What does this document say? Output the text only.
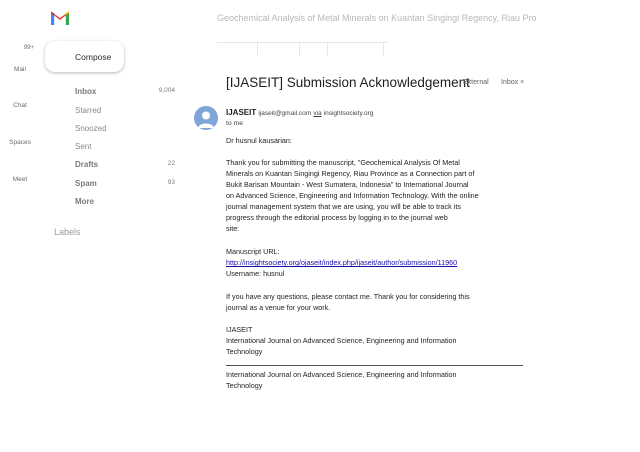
99+
Mail
Chat
Spaces
Meet
Compose
Inbox	9,004
Starred
Snoozed
Sent
Drafts	22
Spam	93
More
Labels
Geochemical Analysis of Metal Minerals on Kuantan Singingi Regency, Riau Pro
[IJASEIT] Submission Acknowledgement
External Inbox ×
IJASEIT ijaseit@gmail.com via insightsociety.org
to me
Dr husnul kausarian:
Thank you for submitting the manuscript, "Geochemical Analysis Of Metal
Minerals on Kuantan Singingi Regency, Riau Province as a Connection part of
Bukit Barisan Mountain - West Sumatera, Indonesia" to International Journal
on Advanced Science, Engineering and Information Technology. With the online
journal management system that we are using, you will be able to track its
progress through the editorial process by logging in to the journal web
site:
Manuscript URL:
http://insightsociety.org/ojaseit/index.php/ijaseit/author/submission/11960
Username: husnul
If you have any questions, please contact me. Thank you for considering this
journal as a venue for your work.
IJASEIT
International Journal on Advanced Science, Engineering and Information
Technology
International Journal on Advanced Science, Engineering and Information
Technology
